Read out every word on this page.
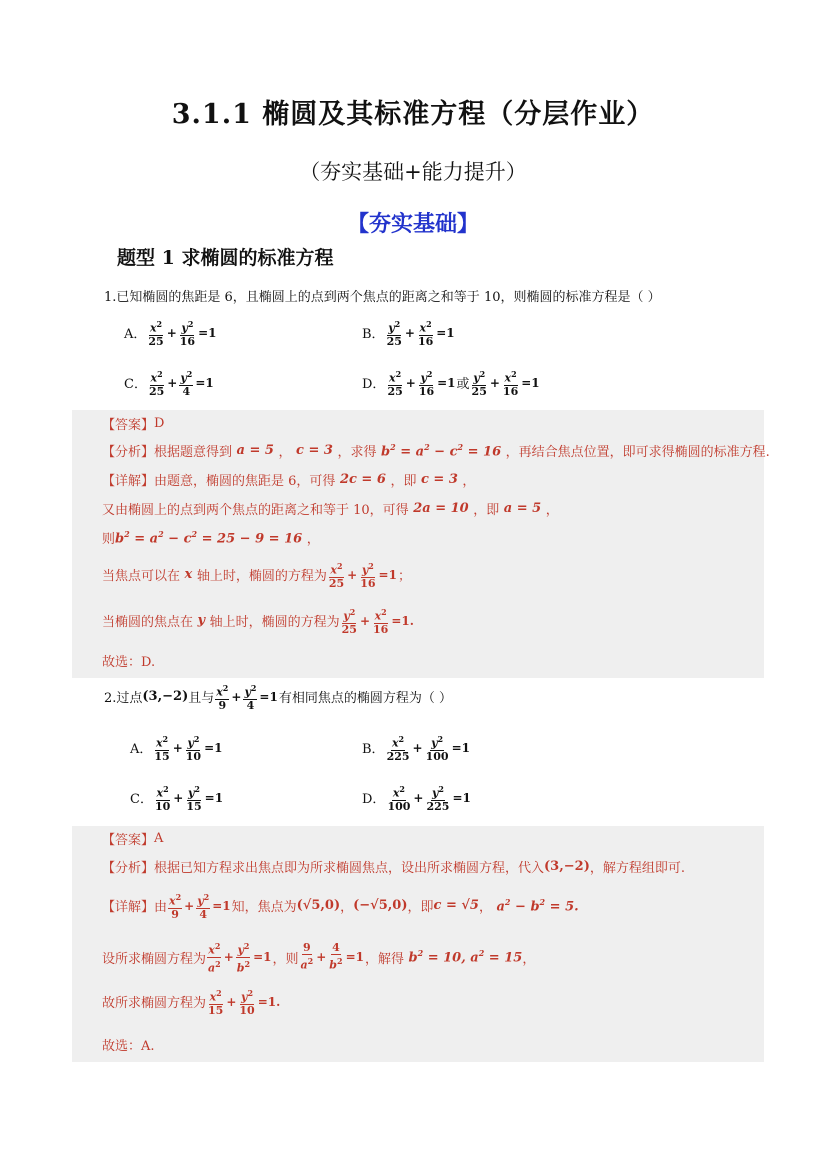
3.1.1 椭圆及其标准方程（分层作业）
（夯实基础+能力提升）
【夯实基础】
题型 1 求椭圆的标准方程
1.已知椭圆的焦距是 6，且椭圆上的点到两个焦点的距离之和等于 10，则椭圆的标准方程是（ ）
A． $\frac{x^2}{25} + \frac{y^2}{16} =1$	B． $\frac{y^2}{25} + \frac{x^2}{16} =1$
C． $\frac{x^2}{25} + \frac{y^2}{4} =1$	D． $\frac{x^2}{25} + \frac{y^2}{16} =1$ 或 $\frac{y^2}{25} + \frac{x^2}{16} =1$
【答案】 D
【分析】 根据题意得到 a = 5 ， c = 3 ，求得 $b^2 = a^2 - c^2 = 16$ ，再结合焦点位置，即可求得椭圆的标准方程.
【详解】 由题意，椭圆的焦距是 6，可得 2c = 6 ，即 c = 3 ，
又由椭圆上的点到两个焦点的距离之和等于 10，可得 2a = 10 ，即 a = 5 ，
则 $b^2 = a^2 - c^2 = 25 - 9 = 16$ ，
当焦点可以在 x 轴上时，椭圆的方程为 $\frac{x^2}{25} + \frac{y^2}{16} =1$ ；
当椭圆的焦点在 y 轴上时，椭圆的方程为 $\frac{y^2}{25} + \frac{x^2}{16} =1$.
故选：D.
2.过点 (3,−2) 且与 $\frac{x^2}{9} + \frac{y^2}{4} =1$ 有相同焦点的椭圆方程为（ ）
A． $\frac{x^2}{15} + \frac{y^2}{10} =1$	B． $\frac{x^2}{225} + \frac{y^2}{100} =1$
C． $\frac{x^2}{10} + \frac{y^2}{15} =1$	D． $\frac{x^2}{100} + \frac{y^2}{225} =1$
【答案】 A
【分析】 根据已知方程求出焦点即为所求椭圆焦点，设出所求椭圆方程，代入 (3,−2) ，解方程组即可.
【详解】 由 $\frac{x^2}{9} + \frac{y^2}{4} =1$ 知，焦点为 (√5,0) ， (−√5,0) ，即 c = √5 ， $a^2 - b^2 = 5$.
设所求椭圆方程为 $\frac{x^2}{a^2} + \frac{y^2}{b^2} =1$ ，则 $\frac{9}{a^2} + \frac{4}{b^2} =1$ ，解得 $b^2 = 10$, $a^2 = 15$ ，
故所求椭圆方程为 $\frac{x^2}{15} + \frac{y^2}{10} =1$.
故选：A.
